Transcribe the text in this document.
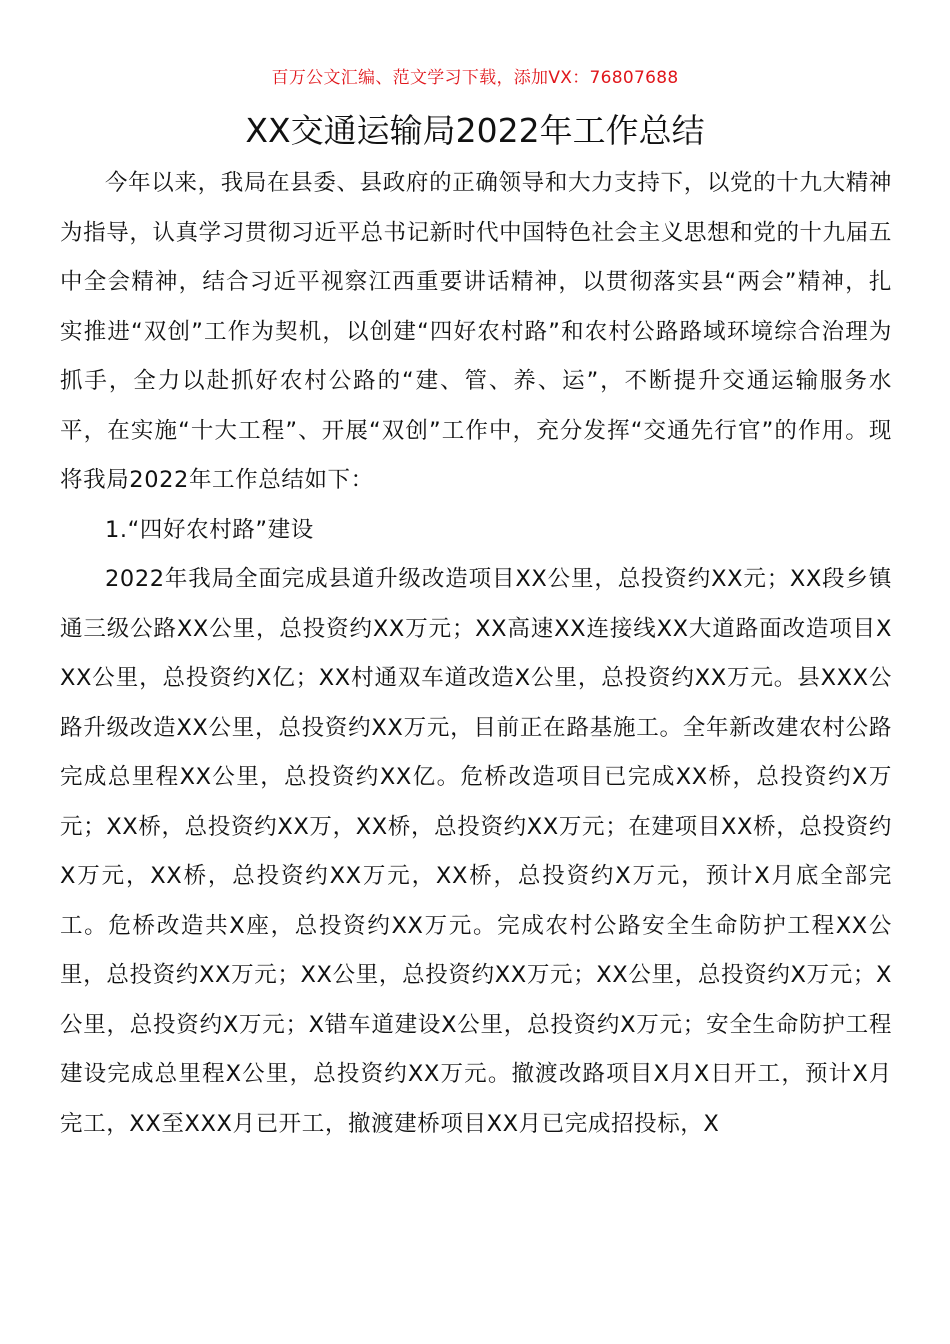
百万公文汇编、范文学习下载，添加VX：76807688
XX交通运输局2022年工作总结

今年以来，我局在县委、县政府的正确领导和大力支持下，以党的十九大精神为指导，认真学习贯彻习近平总书记新时代中国特色社会主义思想和党的十九届五中全会精神，结合习近平视察江西重要讲话精神，以贯彻落实县“两会”精神，扎实推进“双创”工作为契机，以创建“四好农村路”和农村公路路域环境综合治理为抓手，全力以赴抓好农村公路的“建、管、养、运”，不断提升交通运输服务水平，在实施“十大工程”、开展“双创”工作中，充分发挥“交通先行官”的作用。现将我局2022年工作总结如下：

1.“四好农村路”建设

2022年我局全面完成县道升级改造项目XX公里，总投资约XX元；XX段乡镇通三级公路XX公里，总投资约XX万元；XX高速XX连接线XX大道路面改造项目XXX公里，总投资约X亿；XX村通双车道改造X公里，总投资约XX万元。县XXX公路升级改造XX公里，总投资约XX万元，目前正在路基施工。全年新改建农村公路完成总里程XX公里，总投资约XX亿。危桥改造项目已完成XX桥，总投资约X万元；XX桥，总投资约XX万，XX桥，总投资约XX万元；在建项目XX桥，总投资约X万元，XX桥，总投资约XX万元，XX桥，总投资约X万元，预计X月底全部完工。危桥改造共X座，总投资约XX万元。完成农村公路安全生命防护工程XX公里，总投资约XX万元；XX公里，总投资约XX万元；XX公里，总投资约X万元；X公里，总投资约X万元；X错车道建设X公里，总投资约X万元；安全生命防护工程建设完成总里程X公里，总投资约XX万元。撤渡改路项目X月X日开工，预计X月完工，XX至XXX月已开工，撤渡建桥项目XX月已完成招投标，X
